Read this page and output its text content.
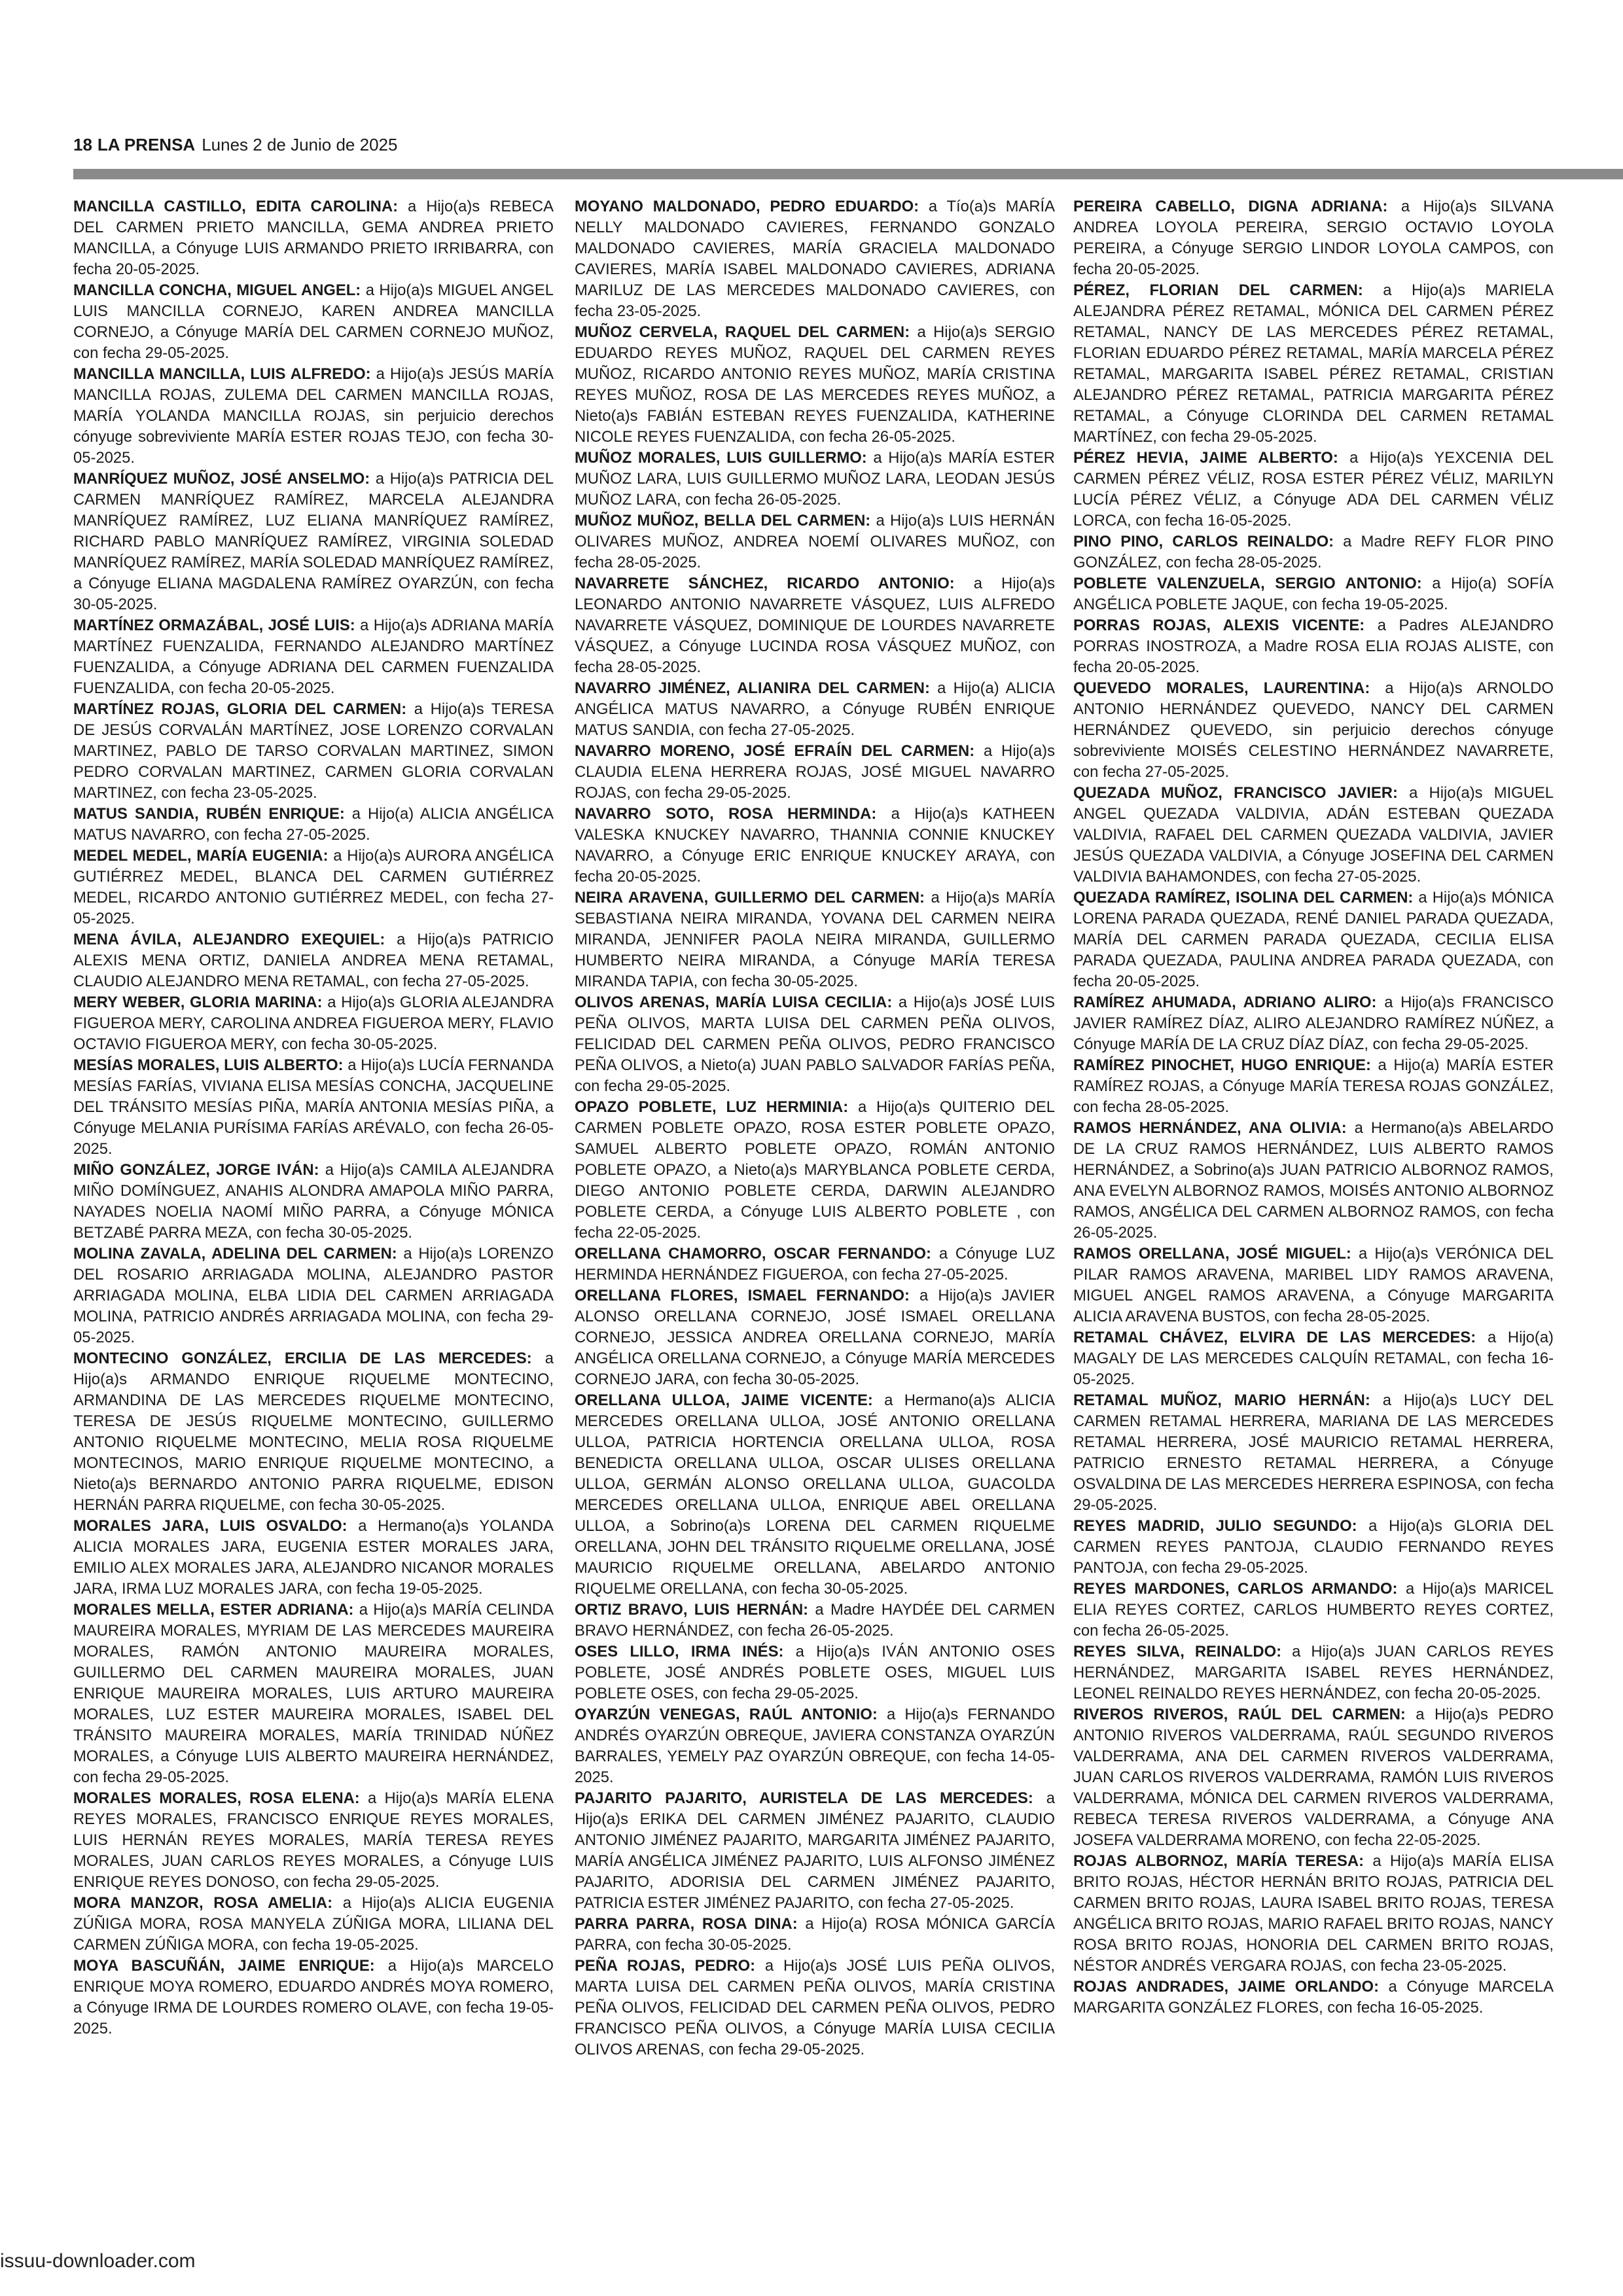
18 LA PRENSA Lunes 2 de Junio de 2025

MANCILLA CASTILLO, EDITA CAROLINA: a Hijo(a)s REBECA DEL CARMEN PRIETO MANCILLA, GEMA ANDREA PRIETO MANCILLA, a Cónyuge LUIS ARMANDO PRIETO IRRIBARRA, con fecha 20-05-2025.

MANCILLA CONCHA, MIGUEL ANGEL: a Hijo(a)s MIGUEL ANGEL LUIS MANCILLA CORNEJO, KAREN ANDREA MANCILLA CORNEJO, a Cónyuge MARÍA DEL CARMEN CORNEJO MUÑOZ, con fecha 29-05-2025.

MANCILLA MANCILLA, LUIS ALFREDO: a Hijo(a)s JESÚS MARÍA MANCILLA ROJAS, ZULEMA DEL CARMEN MANCILLA ROJAS, MARÍA YOLANDA MANCILLA ROJAS, sin perjuicio derechos cónyuge sobreviviente MARÍA ESTER ROJAS TEJO, con fecha 30-05-2025.

MANRÍQUEZ MUÑOZ, JOSÉ ANSELMO: a Hijo(a)s PATRICIA DEL CARMEN MANRÍQUEZ RAMÍREZ, MARCELA ALEJANDRA MANRÍQUEZ RAMÍREZ, LUZ ELIANA MANRÍQUEZ RAMÍREZ, RICHARD PABLO MANRÍQUEZ RAMÍREZ, VIRGINIA SOLEDAD MANRÍQUEZ RAMÍREZ, MARÍA SOLEDAD MANRÍQUEZ RAMÍREZ, a Cónyuge ELIANA MAGDALENA RAMÍREZ OYARZÚN, con fecha 30-05-2025.

MARTÍNEZ ORMAZÁBAL, JOSÉ LUIS: a Hijo(a)s ADRIANA MARÍA MARTÍNEZ FUENZALIDA, FERNANDO ALEJANDRO MARTÍNEZ FUENZALIDA, a Cónyuge ADRIANA DEL CARMEN FUENZALIDA FUENZALIDA, con fecha 20-05-2025.

MARTÍNEZ ROJAS, GLORIA DEL CARMEN: a Hijo(a)s TERESA DE JESÚS CORVALÁN MARTÍNEZ, JOSE LORENZO CORVALAN MARTINEZ, PABLO DE TARSO CORVALAN MARTINEZ, SIMON PEDRO CORVALAN MARTINEZ, CARMEN GLORIA CORVALAN MARTINEZ, con fecha 23-05-2025.

MATUS SANDIA, RUBÉN ENRIQUE: a Hijo(a) ALICIA ANGÉLICA MATUS NAVARRO, con fecha 27-05-2025.

MEDEL MEDEL, MARÍA EUGENIA: a Hijo(a)s AURORA ANGÉLICA GUTIÉRREZ MEDEL, BLANCA DEL CARMEN GUTIÉRREZ MEDEL, RICARDO ANTONIO GUTIÉRREZ MEDEL, con fecha 27-05-2025.

MENA ÁVILA, ALEJANDRO EXEQUIEL: a Hijo(a)s PATRICIO ALEXIS MENA ORTIZ, DANIELA ANDREA MENA RETAMAL, CLAUDIO ALEJANDRO MENA RETAMAL, con fecha 27-05-2025.

MERY WEBER, GLORIA MARINA: a Hijo(a)s GLORIA ALEJANDRA FIGUEROA MERY, CAROLINA ANDREA FIGUEROA MERY, FLAVIO OCTAVIO FIGUEROA MERY, con fecha 30-05-2025.

MESÍAS MORALES, LUIS ALBERTO: a Hijo(a)s LUCÍA FERNANDA MESÍAS FARÍAS, VIVIANA ELISA MESÍAS CONCHA, JACQUELINE DEL TRÁNSITO MESÍAS PIÑA, MARÍA ANTONIA MESÍAS PIÑA, a Cónyuge MELANIA PURÍSIMA FARÍAS ARÉVALO, con fecha 26-05-2025.

MIÑO GONZÁLEZ, JORGE IVÁN: a Hijo(a)s CAMILA ALEJANDRA MIÑO DOMÍNGUEZ, ANAHIS ALONDRA AMAPOLA MIÑO PARRA, NAYADES NOELIA NAOMÍ MIÑO PARRA, a Cónyuge MÓNICA BETZABÉ PARRA MEZA, con fecha 30-05-2025.

MOLINA ZAVALA, ADELINA DEL CARMEN: a Hijo(a)s LORENZO DEL ROSARIO ARRIAGADA MOLINA, ALEJANDRO PASTOR ARRIAGADA MOLINA, ELBA LIDIA DEL CARMEN ARRIAGADA MOLINA, PATRICIO ANDRÉS ARRIAGADA MOLINA, con fecha 29-05-2025.

MONTECINO GONZÁLEZ, ERCILIA DE LAS MERCEDES: a Hijo(a)s ARMANDO ENRIQUE RIQUELME MONTECINO, ARMANDINA DE LAS MERCEDES RIQUELME MONTECINO, TERESA DE JESÚS RIQUELME MONTECINO, GUILLERMO ANTONIO RIQUELME MONTECINO, MELIA ROSA RIQUELME MONTECINOS, MARIO ENRIQUE RIQUELME MONTECINO, a Nieto(a)s BERNARDO ANTONIO PARRA RIQUELME, EDISON HERNÁN PARRA RIQUELME, con fecha 30-05-2025.

MORALES JARA, LUIS OSVALDO: a Hermano(a)s YOLANDA ALICIA MORALES JARA, EUGENIA ESTER MORALES JARA, EMILIO ALEX MORALES JARA, ALEJANDRO NICANOR MORALES JARA, IRMA LUZ MORALES JARA, con fecha 19-05-2025.

MORALES MELLA, ESTER ADRIANA: a Hijo(a)s MARÍA CELINDA MAUREIRA MORALES, MYRIAM DE LAS MERCEDES MAUREIRA MORALES, RAMÓN ANTONIO MAUREIRA MORALES, GUILLERMO DEL CARMEN MAUREIRA MORALES, JUAN ENRIQUE MAUREIRA MORALES, LUIS ARTURO MAUREIRA MORALES, LUZ ESTER MAUREIRA MORALES, ISABEL DEL TRÁNSITO MAUREIRA MORALES, MARÍA TRINIDAD NÚÑEZ MORALES, a Cónyuge LUIS ALBERTO MAUREIRA HERNÁNDEZ, con fecha 29-05-2025.

MORALES MORALES, ROSA ELENA: a Hijo(a)s MARÍA ELENA REYES MORALES, FRANCISCO ENRIQUE REYES MORALES, LUIS HERNÁN REYES MORALES, MARÍA TERESA REYES MORALES, JUAN CARLOS REYES MORALES, a Cónyuge LUIS ENRIQUE REYES DONOSO, con fecha 29-05-2025.

MORA MANZOR, ROSA AMELIA: a Hijo(a)s ALICIA EUGENIA ZÚÑIGA MORA, ROSA MANYELA ZÚÑIGA MORA, LILIANA DEL CARMEN ZÚÑIGA MORA, con fecha 19-05-2025.

MOYA BASCUÑÁN, JAIME ENRIQUE: a Hijo(a)s MARCELO ENRIQUE MOYA ROMERO, EDUARDO ANDRÉS MOYA ROMERO, a Cónyuge IRMA DE LOURDES ROMERO OLAVE, con fecha 19-05-2025.

MOYANO MALDONADO, PEDRO EDUARDO: a Tío(a)s MARÍA NELLY MALDONADO CAVIERES, FERNANDO GONZALO MALDONADO CAVIERES, MARÍA GRACIELA MALDONADO CAVIERES, MARÍA ISABEL MALDONADO CAVIERES, ADRIANA MARILUZ DE LAS MERCEDES MALDONADO CAVIERES, con fecha 23-05-2025.

MUÑOZ CERVELA, RAQUEL DEL CARMEN: a Hijo(a)s SERGIO EDUARDO REYES MUÑOZ, RAQUEL DEL CARMEN REYES MUÑOZ, RICARDO ANTONIO REYES MUÑOZ, MARÍA CRISTINA REYES MUÑOZ, ROSA DE LAS MERCEDES REYES MUÑOZ, a Nieto(a)s FABIÁN ESTEBAN REYES FUENZALIDA, KATHERINE NICOLE REYES FUENZALIDA, con fecha 26-05-2025.

MUÑOZ MORALES, LUIS GUILLERMO: a Hijo(a)s MARÍA ESTER MUÑOZ LARA, LUIS GUILLERMO MUÑOZ LARA, LEODAN JESÚS MUÑOZ LARA, con fecha 26-05-2025.

MUÑOZ MUÑOZ, BELLA DEL CARMEN: a Hijo(a)s LUIS HERNÁN OLIVARES MUÑOZ, ANDREA NOEMÍ OLIVARES MUÑOZ, con fecha 28-05-2025.

NAVARRETE SÁNCHEZ, RICARDO ANTONIO: a Hijo(a)s LEONARDO ANTONIO NAVARRETE VÁSQUEZ, LUIS ALFREDO NAVARRETE VÁSQUEZ, DOMINIQUE DE LOURDES NAVARRETE VÁSQUEZ, a Cónyuge LUCINDA ROSA VÁSQUEZ MUÑOZ, con fecha 28-05-2025.

NAVARRO JIMÉNEZ, ALIANIRA DEL CARMEN: a Hijo(a) ALICIA ANGÉLICA MATUS NAVARRO, a Cónyuge RUBÉN ENRIQUE MATUS SANDIA, con fecha 27-05-2025.

NAVARRO MORENO, JOSÉ EFRAÍN DEL CARMEN: a Hijo(a)s CLAUDIA ELENA HERRERA ROJAS, JOSÉ MIGUEL NAVARRO ROJAS, con fecha 29-05-2025.

NAVARRO SOTO, ROSA HERMINDA: a Hijo(a)s KATHEEN VALESKA KNUCKEY NAVARRO, THANNIA CONNIE KNUCKEY NAVARRO, a Cónyuge ERIC ENRIQUE KNUCKEY ARAYA, con fecha 20-05-2025.

NEIRA ARAVENA, GUILLERMO DEL CARMEN: a Hijo(a)s MARÍA SEBASTIANA NEIRA MIRANDA, YOVANA DEL CARMEN NEIRA MIRANDA, JENNIFER PAOLA NEIRA MIRANDA, GUILLERMO HUMBERTO NEIRA MIRANDA, a Cónyuge MARÍA TERESA MIRANDA TAPIA, con fecha 30-05-2025.

OLIVOS ARENAS, MARÍA LUISA CECILIA: a Hijo(a)s JOSÉ LUIS PEÑA OLIVOS, MARTA LUISA DEL CARMEN PEÑA OLIVOS, FELICIDAD DEL CARMEN PEÑA OLIVOS, PEDRO FRANCISCO PEÑA OLIVOS, a Nieto(a) JUAN PABLO SALVADOR FARÍAS PEÑA, con fecha 29-05-2025.

OPAZO POBLETE, LUZ HERMINIA: a Hijo(a)s QUITERIO DEL CARMEN POBLETE OPAZO, ROSA ESTER POBLETE OPAZO, SAMUEL ALBERTO POBLETE OPAZO, ROMÁN ANTONIO POBLETE OPAZO, a Nieto(a)s MARYBLANCA POBLETE CERDA, DIEGO ANTONIO POBLETE CERDA, DARWIN ALEJANDRO POBLETE CERDA, a Cónyuge LUIS ALBERTO POBLETE , con fecha 22-05-2025.

ORELLANA CHAMORRO, OSCAR FERNANDO: a Cónyuge LUZ HERMINDA HERNÁNDEZ FIGUEROA, con fecha 27-05-2025.

ORELLANA FLORES, ISMAEL FERNANDO: a Hijo(a)s JAVIER ALONSO ORELLANA CORNEJO, JOSÉ ISMAEL ORELLANA CORNEJO, JESSICA ANDREA ORELLANA CORNEJO, MARÍA ANGÉLICA ORELLANA CORNEJO, a Cónyuge MARÍA MERCEDES CORNEJO JARA, con fecha 30-05-2025.

ORELLANA ULLOA, JAIME VICENTE: a Hermano(a)s ALICIA MERCEDES ORELLANA ULLOA, JOSÉ ANTONIO ORELLANA ULLOA, PATRICIA HORTENCIA ORELLANA ULLOA, ROSA BENEDICTA ORELLANA ULLOA, OSCAR ULISES ORELLANA ULLOA, GERMÁN ALONSO ORELLANA ULLOA, GUACOLDA MERCEDES ORELLANA ULLOA, ENRIQUE ABEL ORELLANA ULLOA, a Sobrino(a)s LORENA DEL CARMEN RIQUELME ORELLANA, JOHN DEL TRÁNSITO RIQUELME ORELLANA, JOSÉ MAURICIO RIQUELME ORELLANA, ABELARDO ANTONIO RIQUELME ORELLANA, con fecha 30-05-2025.

ORTIZ BRAVO, LUIS HERNÁN: a Madre HAYDÉE DEL CARMEN BRAVO HERNÁNDEZ, con fecha 26-05-2025.

OSES LILLO, IRMA INÉS: a Hijo(a)s IVÁN ANTONIO OSES POBLETE, JOSÉ ANDRÉS POBLETE OSES, MIGUEL LUIS POBLETE OSES, con fecha 29-05-2025.

OYARZÚN VENEGAS, RAÚL ANTONIO: a Hijo(a)s FERNANDO ANDRÉS OYARZÚN OBREQUE, JAVIERA CONSTANZA OYARZÚN BARRALES, YEMELY PAZ OYARZÚN OBREQUE, con fecha 14-05-2025.

PAJARITO PAJARITO, AURISTELA DE LAS MERCEDES: a Hijo(a)s ERIKA DEL CARMEN JIMÉNEZ PAJARITO, CLAUDIO ANTONIO JIMÉNEZ PAJARITO, MARGARITA JIMÉNEZ PAJARITO, MARÍA ANGÉLICA JIMÉNEZ PAJARITO, LUIS ALFONSO JIMÉNEZ PAJARITO, ADORISIA DEL CARMEN JIMÉNEZ PAJARITO, PATRICIA ESTER JIMÉNEZ PAJARITO, con fecha 27-05-2025.

PARRA PARRA, ROSA DINA: a Hijo(a) ROSA MÓNICA GARCÍA PARRA, con fecha 30-05-2025.

PEÑA ROJAS, PEDRO: a Hijo(a)s JOSÉ LUIS PEÑA OLIVOS, MARTA LUISA DEL CARMEN PEÑA OLIVOS, MARÍA CRISTINA PEÑA OLIVOS, FELICIDAD DEL CARMEN PEÑA OLIVOS, PEDRO FRANCISCO PEÑA OLIVOS, a Cónyuge MARÍA LUISA CECILIA OLIVOS ARENAS, con fecha 29-05-2025.

PEREIRA CABELLO, DIGNA ADRIANA: a Hijo(a)s SILVANA ANDREA LOYOLA PEREIRA, SERGIO OCTAVIO LOYOLA PEREIRA, a Cónyuge SERGIO LINDOR LOYOLA CAMPOS, con fecha 20-05-2025.

PÉREZ, FLORIAN DEL CARMEN: a Hijo(a)s MARIELA ALEJANDRA PÉREZ RETAMAL, MÓNICA DEL CARMEN PÉREZ RETAMAL, NANCY DE LAS MERCEDES PÉREZ RETAMAL, FLORIAN EDUARDO PÉREZ RETAMAL, MARÍA MARCELA PÉREZ RETAMAL, MARGARITA ISABEL PÉREZ RETAMAL, CRISTIAN ALEJANDRO PÉREZ RETAMAL, PATRICIA MARGARITA PÉREZ RETAMAL, a Cónyuge CLORINDA DEL CARMEN RETAMAL MARTÍNEZ, con fecha 29-05-2025.

PÉREZ HEVIA, JAIME ALBERTO: a Hijo(a)s YEXCENIA DEL CARMEN PÉREZ VÉLIZ, ROSA ESTER PÉREZ VÉLIZ, MARILYN LUCÍA PÉREZ VÉLIZ, a Cónyuge ADA DEL CARMEN VÉLIZ LORCA, con fecha 16-05-2025.

PINO PINO, CARLOS REINALDO: a Madre REFY FLOR PINO GONZÁLEZ, con fecha 28-05-2025.

POBLETE VALENZUELA, SERGIO ANTONIO: a Hijo(a) SOFÍA ANGÉLICA POBLETE JAQUE, con fecha 19-05-2025.

PORRAS ROJAS, ALEXIS VICENTE: a Padres ALEJANDRO PORRAS INOSTROZA, a Madre ROSA ELIA ROJAS ALISTE, con fecha 20-05-2025.

QUEVEDO MORALES, LAURENTINA: a Hijo(a)s ARNOLDO ANTONIO HERNÁNDEZ QUEVEDO, NANCY DEL CARMEN HERNÁNDEZ QUEVEDO, sin perjuicio derechos cónyuge sobreviviente MOISÉS CELESTINO HERNÁNDEZ NAVARRETE, con fecha 27-05-2025.

QUEZADA MUÑOZ, FRANCISCO JAVIER: a Hijo(a)s MIGUEL ANGEL QUEZADA VALDIVIA, ADÁN ESTEBAN QUEZADA VALDIVIA, RAFAEL DEL CARMEN QUEZADA VALDIVIA, JAVIER JESÚS QUEZADA VALDIVIA, a Cónyuge JOSEFINA DEL CARMEN VALDIVIA BAHAMONDES, con fecha 27-05-2025.

QUEZADA RAMÍREZ, ISOLINA DEL CARMEN: a Hijo(a)s MÓNICA LORENA PARADA QUEZADA, RENÉ DANIEL PARADA QUEZADA, MARÍA DEL CARMEN PARADA QUEZADA, CECILIA ELISA PARADA QUEZADA, PAULINA ANDREA PARADA QUEZADA, con fecha 20-05-2025.

RAMÍREZ AHUMADA, ADRIANO ALIRO: a Hijo(a)s FRANCISCO JAVIER RAMÍREZ DÍAZ, ALIRO ALEJANDRO RAMÍREZ NÚÑEZ, a Cónyuge MARÍA DE LA CRUZ DÍAZ DÍAZ, con fecha 29-05-2025.

RAMÍREZ PINOCHET, HUGO ENRIQUE: a Hijo(a) MARÍA ESTER RAMÍREZ ROJAS, a Cónyuge MARÍA TERESA ROJAS GONZÁLEZ, con fecha 28-05-2025.

RAMOS HERNÁNDEZ, ANA OLIVIA: a Hermano(a)s ABELARDO DE LA CRUZ RAMOS HERNÁNDEZ, LUIS ALBERTO RAMOS HERNÁNDEZ, a Sobrino(a)s JUAN PATRICIO ALBORNOZ RAMOS, ANA EVELYN ALBORNOZ RAMOS, MOISÉS ANTONIO ALBORNOZ RAMOS, ANGÉLICA DEL CARMEN ALBORNOZ RAMOS, con fecha 26-05-2025.

RAMOS ORELLANA, JOSÉ MIGUEL: a Hijo(a)s VERÓNICA DEL PILAR RAMOS ARAVENA, MARIBEL LIDY RAMOS ARAVENA, MIGUEL ANGEL RAMOS ARAVENA, a Cónyuge MARGARITA ALICIA ARAVENA BUSTOS, con fecha 28-05-2025.

RETAMAL CHÁVEZ, ELVIRA DE LAS MERCEDES: a Hijo(a) MAGALY DE LAS MERCEDES CALQUÍN RETAMAL, con fecha 16-05-2025.

RETAMAL MUÑOZ, MARIO HERNÁN: a Hijo(a)s LUCY DEL CARMEN RETAMAL HERRERA, MARIANA DE LAS MERCEDES RETAMAL HERRERA, JOSÉ MAURICIO RETAMAL HERRERA, PATRICIO ERNESTO RETAMAL HERRERA, a Cónyuge OSVALDINA DE LAS MERCEDES HERRERA ESPINOSA, con fecha 29-05-2025.

REYES MADRID, JULIO SEGUNDO: a Hijo(a)s GLORIA DEL CARMEN REYES PANTOJA, CLAUDIO FERNANDO REYES PANTOJA, con fecha 29-05-2025.

REYES MARDONES, CARLOS ARMANDO: a Hijo(a)s MARICEL ELIA REYES CORTEZ, CARLOS HUMBERTO REYES CORTEZ, con fecha 26-05-2025.

REYES SILVA, REINALDO: a Hijo(a)s JUAN CARLOS REYES HERNÁNDEZ, MARGARITA ISABEL REYES HERNÁNDEZ, LEONEL REINALDO REYES HERNÁNDEZ, con fecha 20-05-2025.

RIVEROS RIVEROS, RAÚL DEL CARMEN: a Hijo(a)s PEDRO ANTONIO RIVEROS VALDERRAMA, RAÚL SEGUNDO RIVEROS VALDERRAMA, ANA DEL CARMEN RIVEROS VALDERRAMA, JUAN CARLOS RIVEROS VALDERRAMA, RAMÓN LUIS RIVEROS VALDERRAMA, MÓNICA DEL CARMEN RIVEROS VALDERRAMA, REBECA TERESA RIVEROS VALDERRAMA, a Cónyuge ANA JOSEFA VALDERRAMA MORENO, con fecha 22-05-2025.

ROJAS ALBORNOZ, MARÍA TERESA: a Hijo(a)s MARÍA ELISA BRITO ROJAS, HÉCTOR HERNÁN BRITO ROJAS, PATRICIA DEL CARMEN BRITO ROJAS, LAURA ISABEL BRITO ROJAS, TERESA ANGÉLICA BRITO ROJAS, MARIO RAFAEL BRITO ROJAS, NANCY ROSA BRITO ROJAS, HONORIA DEL CARMEN BRITO ROJAS, NÉSTOR ANDRÉS VERGARA ROJAS, con fecha 23-05-2025.

ROJAS ANDRADES, JAIME ORLANDO: a Cónyuge MARCELA MARGARITA GONZÁLEZ FLORES, con fecha 16-05-2025.

issuu-downloader.com
